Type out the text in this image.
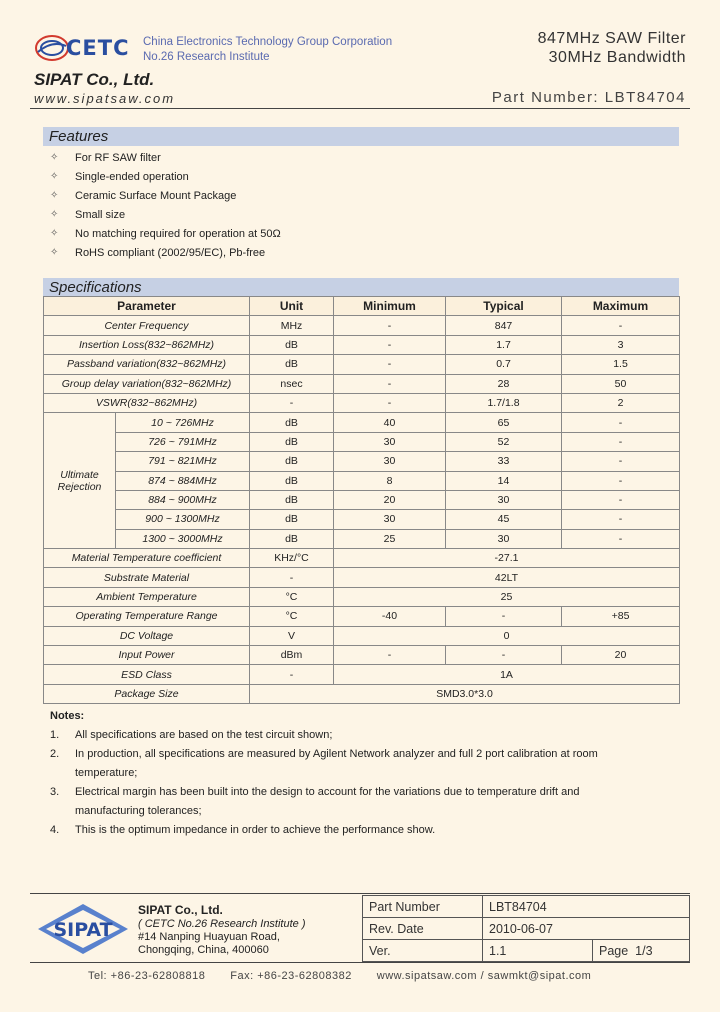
CETC China Electronics Technology Group Corporation
No.26 Research Institute
847MHz SAW Filter
30MHz Bandwidth
SIPAT Co., Ltd.
www.sipatsaw.com	Part Number: LBT84704
Features
✧	For RF SAW filter
✧	Single-ended operation
✧	Ceramic Surface Mount Package
✧	Small size
✧	No matching required for operation at 50Ω
✧	RoHS compliant (2002/95/EC), Pb-free
Specifications
Parameter		Unit	Minimum	Typical	Maximum
Center Frequency		MHz	-	847	-
Insertion Loss(832~862MHz)		dB	-	1.7	3
Passband variation(832~862MHz)		dB	-	0.7	1.5
Group delay variation(832~862MHz)		nsec	-	28	50
VSWR(832~862MHz)		-	-	1.7/1.8	2
Ultimate Rejection	10 ~ 726MHz	dB	40	65	-
	726 ~ 791MHz	dB	30	52	-
	791 ~ 821MHz	dB	30	33	-
	874 ~ 884MHz	dB	8	14	-
	884 ~ 900MHz	dB	20	30	-
	900 ~ 1300MHz	dB	30	45	-
	1300 ~ 3000MHz	dB	25	30	-
Material Temperature coefficient		KHz/°C	-27.1		
Substrate Material		-	42LT		
Ambient Temperature		°C	25		
Operating Temperature Range		°C	-40	-	+85
DC Voltage		V	0		
Input Power		dBm	-	-	20
ESD Class		-	1A		
Package Size		SMD3.0*3.0			
Notes:
1.	All specifications are based on the test circuit shown;
2.	In production, all specifications are measured by Agilent Network analyzer and full 2 port calibration at room temperature;
3.	Electrical margin has been built into the design to account for the variations due to temperature drift and manufacturing tolerances;
4.	This is the optimum impedance in order to achieve the performance show.
SIPAT
SIPAT Co., Ltd.
( CETC No.26 Research Institute )
#14 Nanping Huayuan Road,
Chongqing, China, 400060
Part Number	LBT84704	
Rev. Date	2010-06-07	
Ver.	1.1	Page 1/3
Tel: +86-23-62808818 Fax: +86-23-62808382 www.sipatsaw.com / sawmkt@sipat.com
